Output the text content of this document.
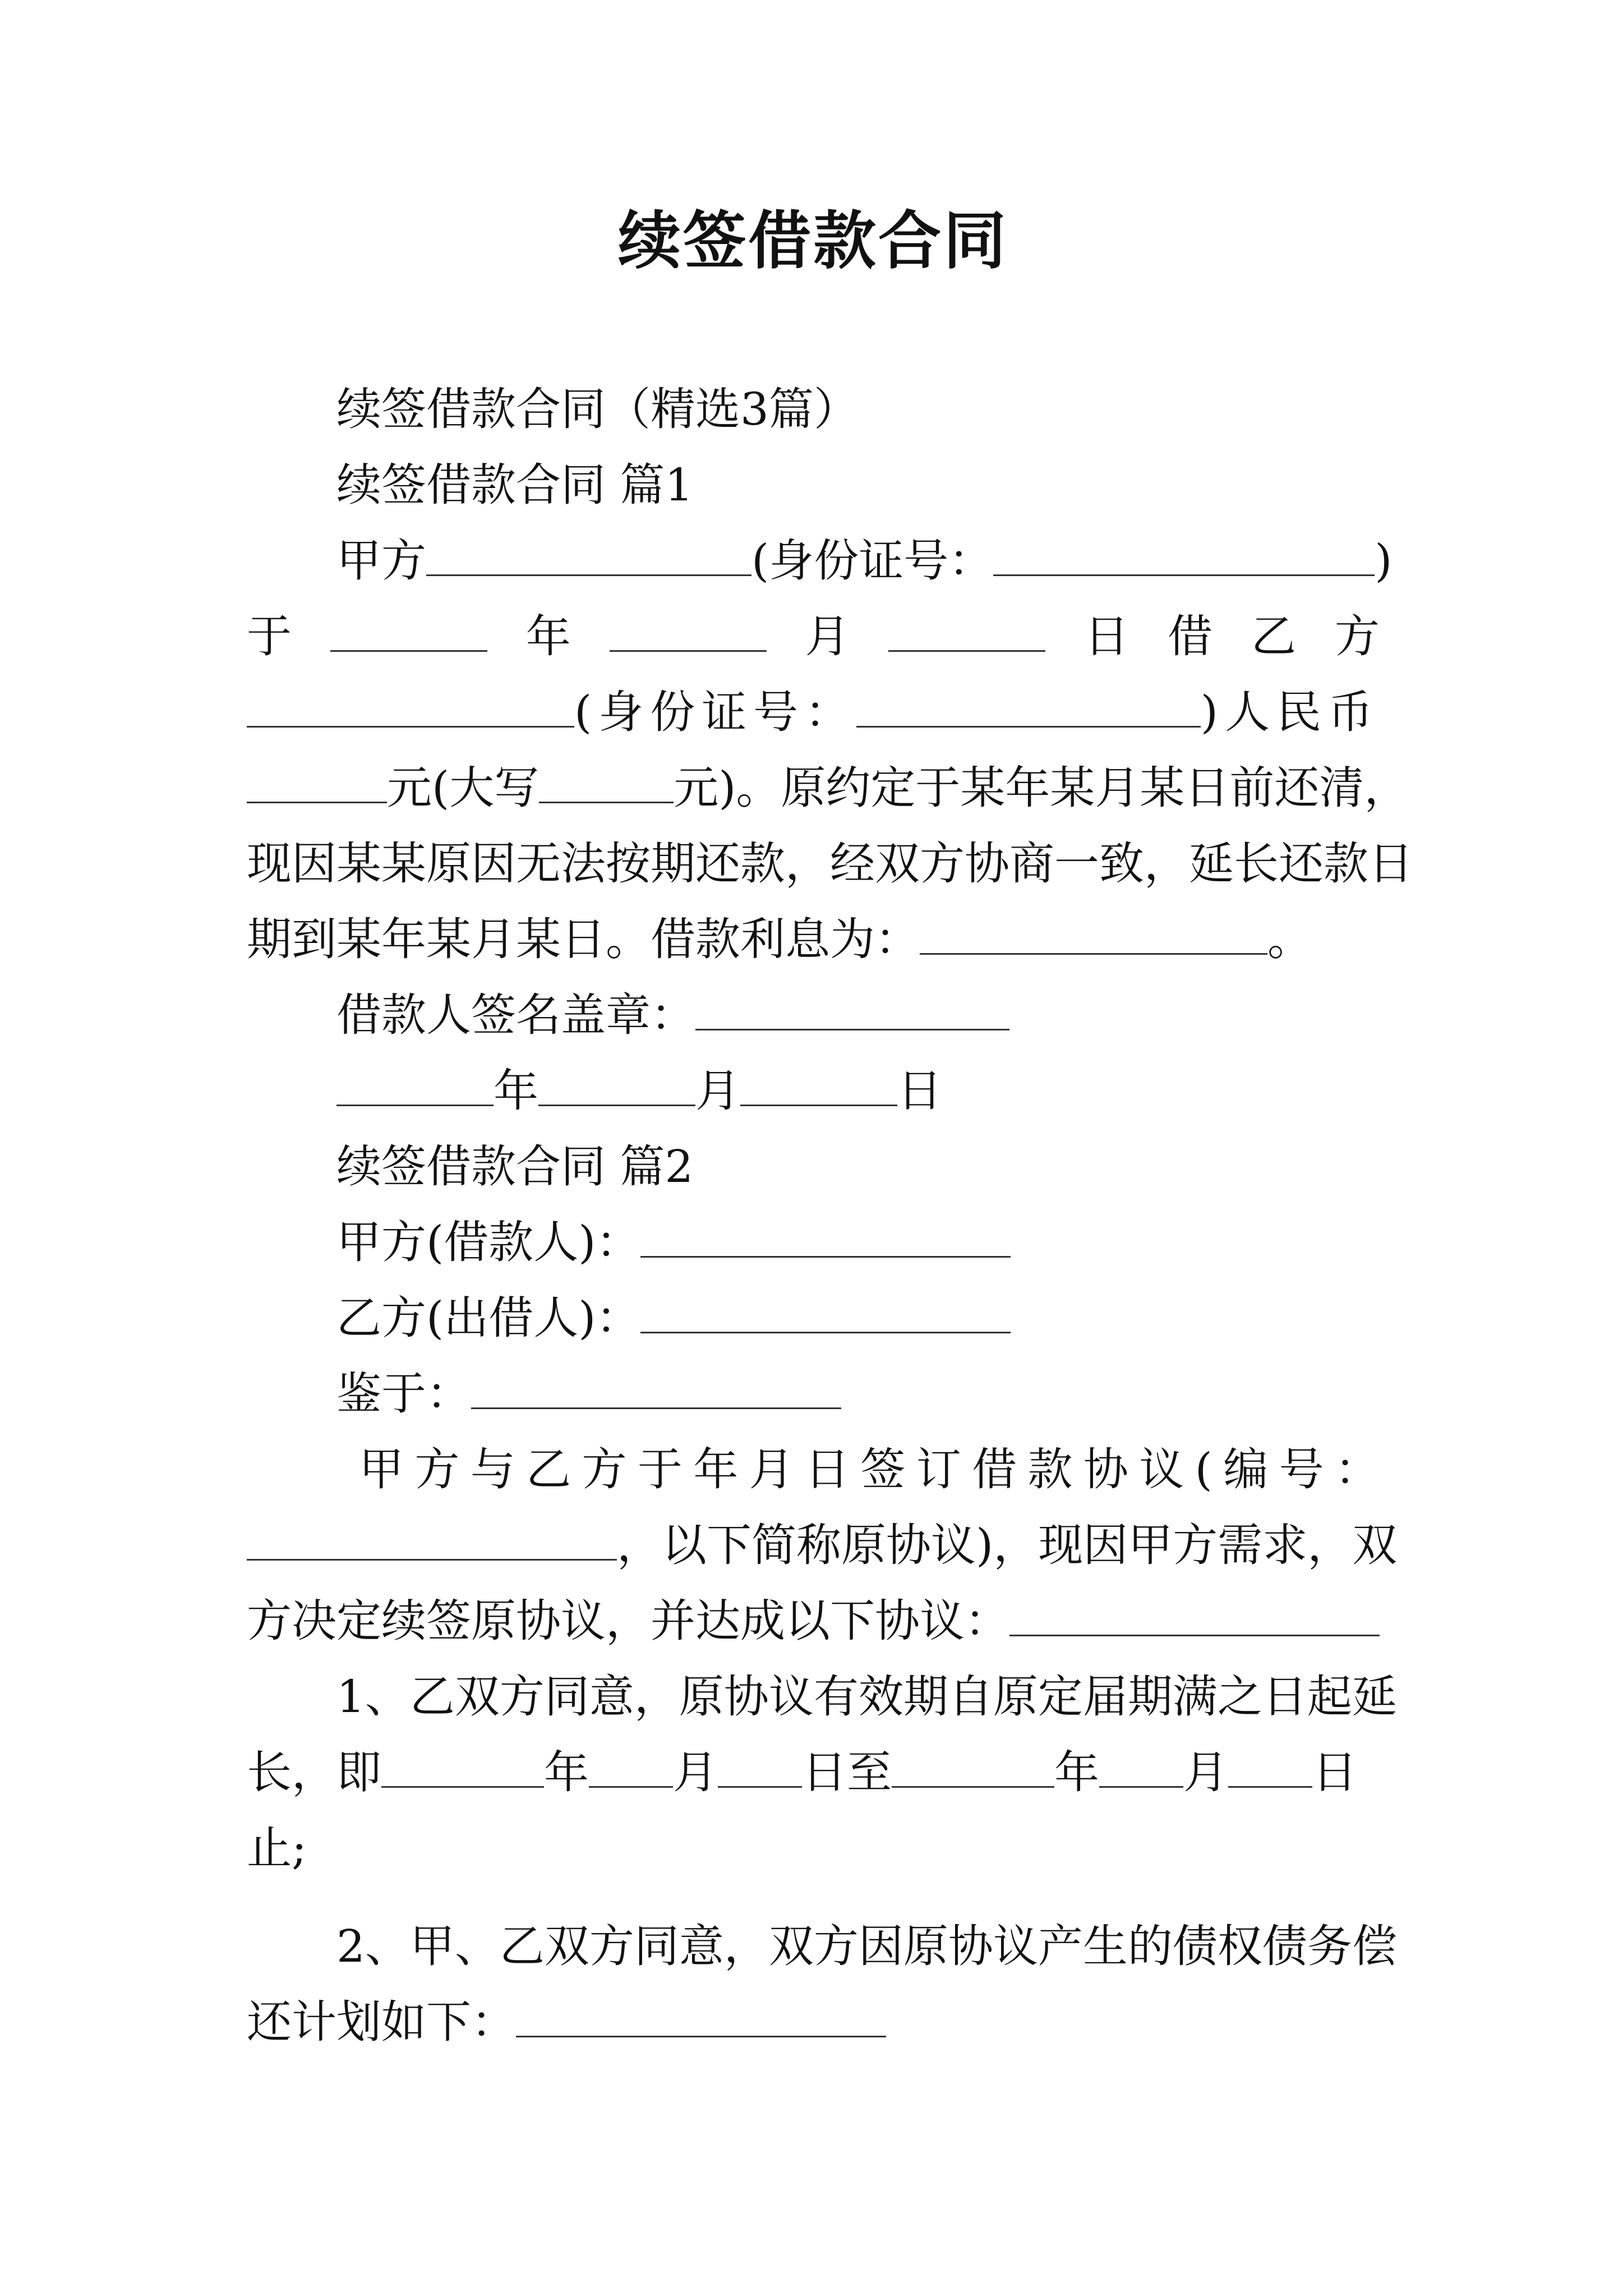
续签借款合同
续签借款合同（精选3篇）
续签借款合同 篇1
甲方	(身份证号：	)
于	年	月	日 借 乙 方
(身份证号：	)人民币
元(大写	元)。原约定于某年某月某日前还清，
现因某某原因无法按期还款，经双方协商一致，延长还款日
期到某年某月某日。借款利息为：	。
借款人签名盖章：
年	月	日
续签借款合同 篇2
甲方(借款人)：
乙方(出借人)：
鉴于：
甲 方 与 乙 方 于 年 月 日 签 订 借 款 协 议 ( 编 号 ：
，以下简称原协议)，现因甲方需求，双
方决定续签原协议，并达成以下协议：
1、乙双方同意，原协议有效期自原定届期满之日起延
长，即	年 月 日至	年 月 日
止;
2、甲、乙双方同意，双方因原协议产生的债权债务偿
还计划如下：
